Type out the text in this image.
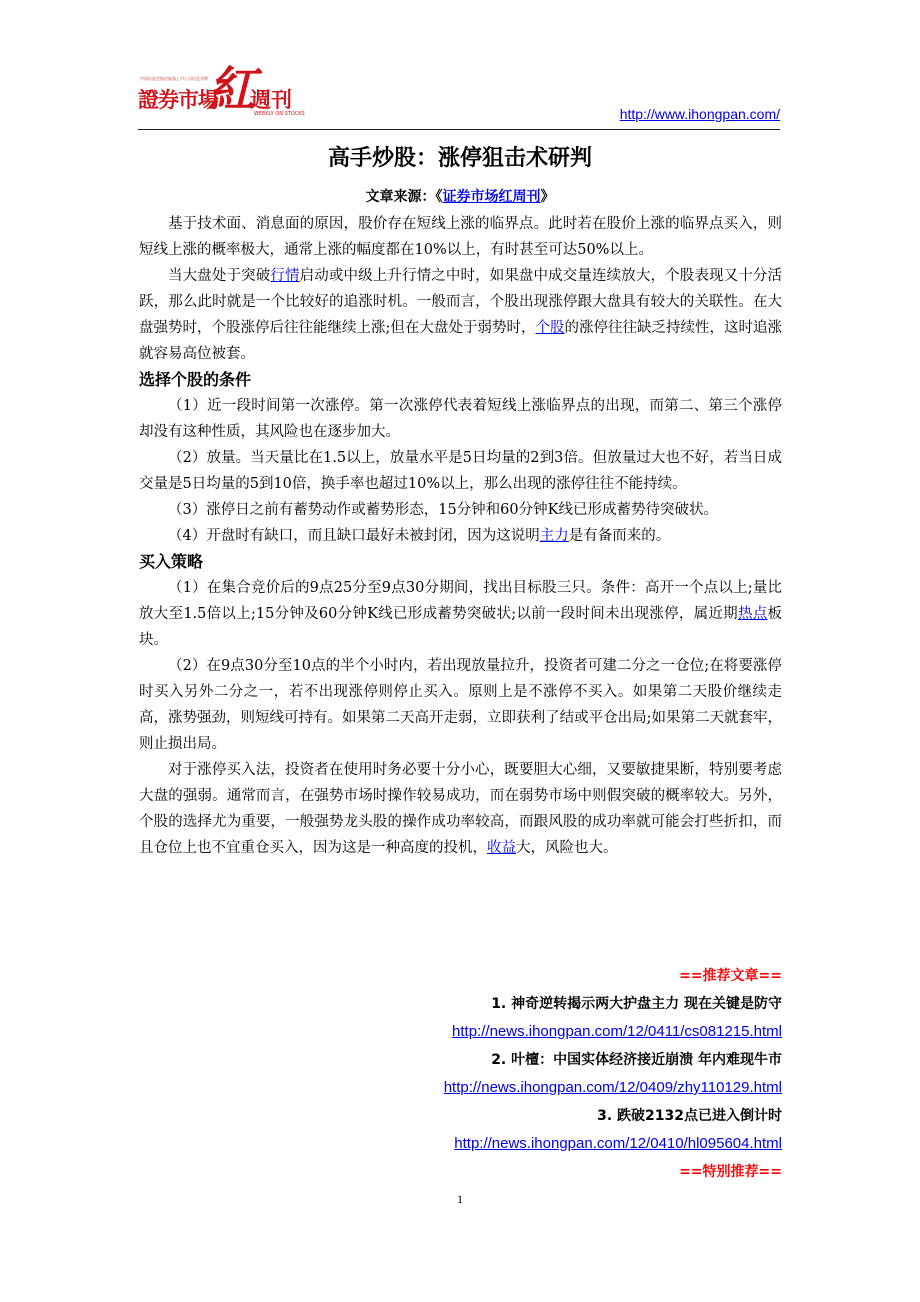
中国证监会指定披露上市公司信息刊物
證券市場
紅
週刊
WEEKLY ON STOCKS	http://www.ihongpan.com/
高手炒股：涨停狙击术研判
文章来源：《证券市场红周刊》

基于技术面、消息面的原因，股价存在短线上涨的临界点。此时若在股价上涨的临界点买入，则短线上涨的概率极大，通常上涨的幅度都在10%以上，有时甚至可达50%以上。

当大盘处于突破行情启动或中级上升行情之中时，如果盘中成交量连续放大，个股表现又十分活跃，那么此时就是一个比较好的追涨时机。一般而言，个股出现涨停跟大盘具有较大的关联性。在大盘强势时，个股涨停后往往能继续上涨;但在大盘处于弱势时，个股的涨停往往缺乏持续性，这时追涨就容易高位被套。

选择个股的条件

（1）近一段时间第一次涨停。第一次涨停代表着短线上涨临界点的出现，而第二、第三个涨停却没有这种性质，其风险也在逐步加大。

（2）放量。当天量比在1.5以上，放量水平是5日均量的2到3倍。但放量过大也不好，若当日成交量是5日均量的5到10倍，换手率也超过10%以上，那么出现的涨停往往不能持续。

（3）涨停日之前有蓄势动作或蓄势形态，15分钟和60分钟K线已形成蓄势待突破状。

（4）开盘时有缺口，而且缺口最好未被封闭，因为这说明主力是有备而来的。

买入策略

（1）在集合竞价后的9点25分至9点30分期间，找出目标股三只。条件：高开一个点以上;量比放大至1.5倍以上;15分钟及60分钟K线已形成蓄势突破状;以前一段时间未出现涨停，属近期热点板块。

（2）在9点30分至10点的半个小时内，若出现放量拉升，投资者可建二分之一仓位;在将要涨停时买入另外二分之一，若不出现涨停则停止买入。原则上是不涨停不买入。如果第二天股价继续走高，涨势强劲，则短线可持有。如果第二天高开走弱，立即获利了结或平仓出局;如果第二天就套牢，则止损出局。

对于涨停买入法，投资者在使用时务必要十分小心，既要胆大心细，又要敏捷果断，特别要考虑大盘的强弱。通常而言，在强势市场时操作较易成功，而在弱势市场中则假突破的概率较大。另外，个股的选择尤为重要，一般强势龙头股的操作成功率较高，而跟风股的成功率就可能会打些折扣，而且仓位上也不宜重仓买入，因为这是一种高度的投机，收益大，风险也大。

==推荐文章==
1. 神奇逆转揭示两大护盘主力 现在关键是防守
http://news.ihongpan.com/12/0411/cs081215.html
2. 叶檀：中国实体经济接近崩溃 年内难现牛市
http://news.ihongpan.com/12/0409/zhy110129.html
3. 跌破2132点已进入倒计时
http://news.ihongpan.com/12/0410/hl095604.html
==特别推荐==
1
